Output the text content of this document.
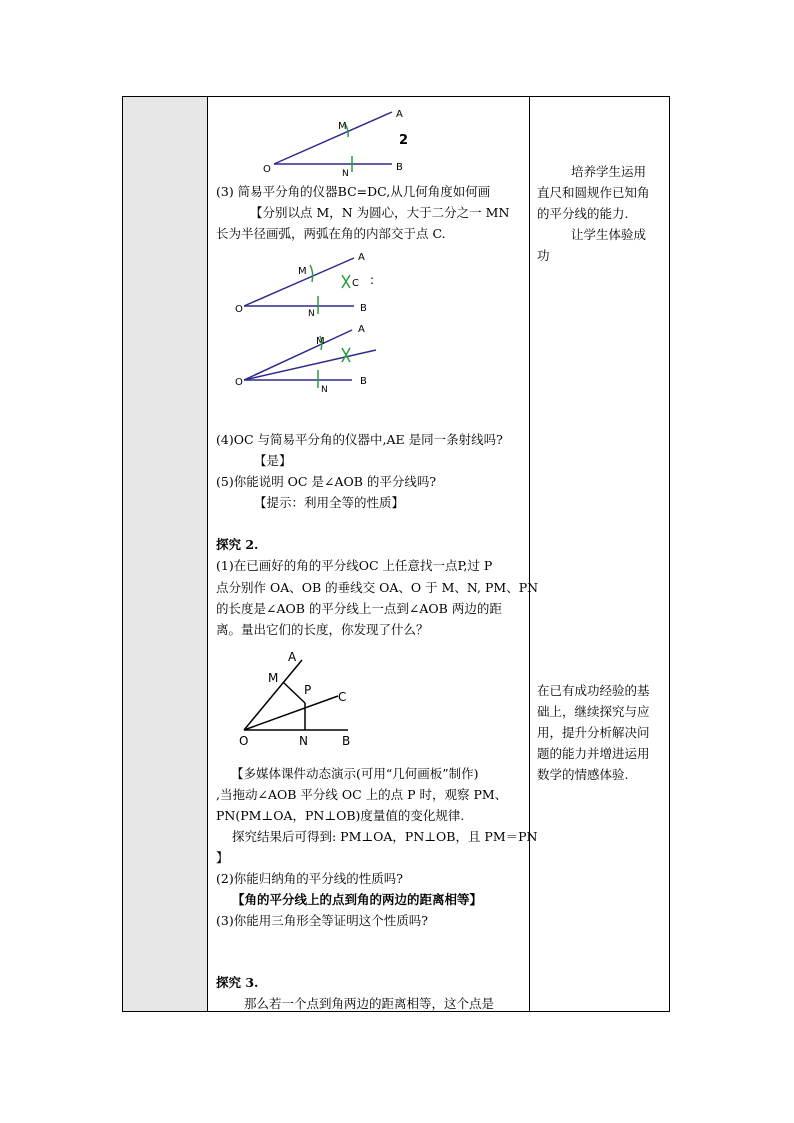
O
M
A
N
B
2
(3) 简易平分角的仪器BC=DC,从几何角度如何画
【分别以点 M，N 为圆心，大于二分之一 MN
长为半径画弧，两弧在角的内部交于点 C.
O
M
A
C
N	B
:
O
M
A
N
B
(4)OC 与简易平分角的仪器中,AE 是同一条射线吗?
【是】
(5)你能说明 OC 是∠AOB 的平分线吗?
【提示：利用全等的性质】
探究 2.
(1)在已画好的角的平分线OC 上任意找一点P,过 P
点分别作 OA、OB 的垂线交 OA、O 于 M、N, PM、PN
的长度是∠AOB 的平分线上一点到∠AOB 两边的距
离。量出它们的长度，你发现了什么？
A
M
P C
O	N	B
【多媒体课件动态演示(可用“几何画板”制作)
,当拖动∠AOB 平分线 OC 上的点 P 时，观察 PM、
PN(PM⊥OA，PN⊥OB)度量值的变化规律.
探究结果后可得到: PM⊥OA，PN⊥OB，且 PM＝PN
】
(2)你能归纳角的平分线的性质吗?
【角的平分线上的点到角的两边的距离相等】
(3)你能用三角形全等证明这个性质吗?
探究 3.
那么若一个点到角两边的距离相等，这个点是
培养学生运用
直尺和圆规作已知角
的平分线的能力.
让学生体验成
功
在已有成功经验的基
础上，继续探究与应
用，提升分析解决问
题的能力并增进运用
数学的情感体验.
